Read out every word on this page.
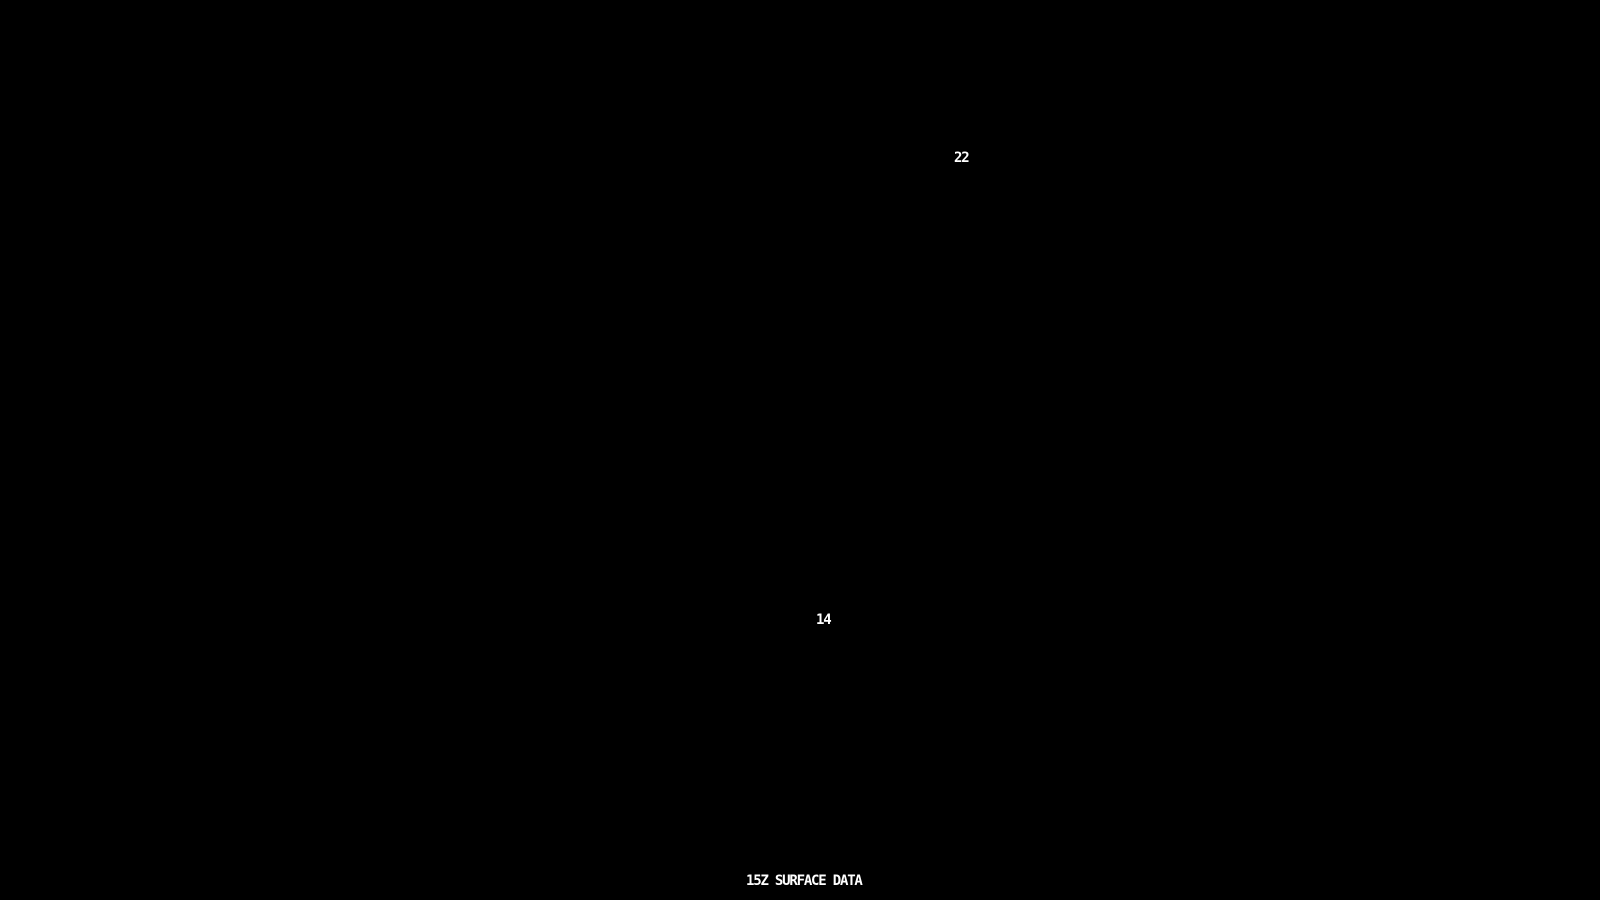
22
14
15Z SURFACE DATA
